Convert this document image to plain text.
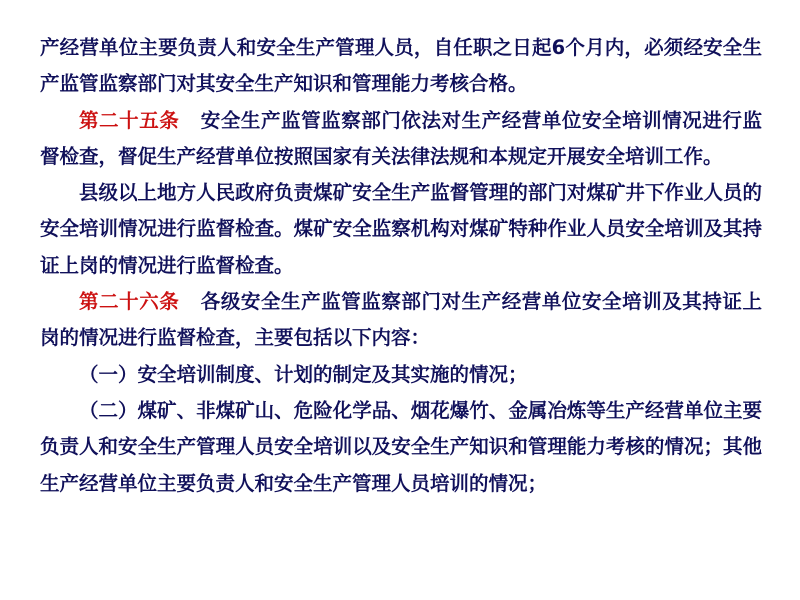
产经营单位主要负责人和安全生产管理人员，自任职之日起6个月内，必须经安全生产监管监察部门对其安全生产知识和管理能力考核合格。

第二十五条 安全生产监管监察部门依法对生产经营单位安全培训情况进行监督检查，督促生产经营单位按照国家有关法律法规和本规定开展安全培训工作。

县级以上地方人民政府负责煤矿安全生产监督管理的部门对煤矿井下作业人员的安全培训情况进行监督检查。煤矿安全监察机构对煤矿特种作业人员安全培训及其持证上岗的情况进行监督检查。

第二十六条 各级安全生产监管监察部门对生产经营单位安全培训及其持证上岗的情况进行监督检查，主要包括以下内容：

（一）安全培训制度、计划的制定及其实施的情况；

（二）煤矿、非煤矿山、危险化学品、烟花爆竹、金属冶炼等生产经营单位主要负责人和安全生产管理人员安全培训以及安全生产知识和管理能力考核的情况；其他生产经营单位主要负责人和安全生产管理人员培训的情况；
